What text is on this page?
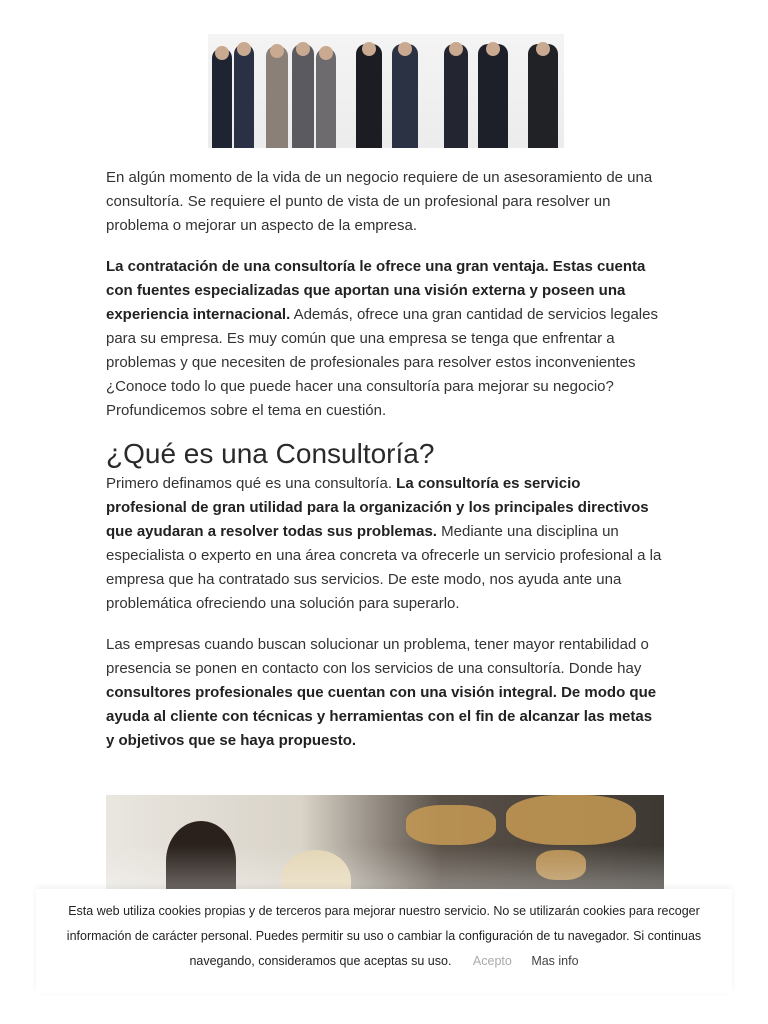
En algún momento de la vida de un negocio requiere de un asesoramiento de una consultoría. Se requiere el punto de vista de un profesional para resolver un problema o mejorar un aspecto de la empresa.

La contratación de una consultoría le ofrece una gran ventaja. Estas cuenta con fuentes especializadas que aportan una visión externa y poseen una experiencia internacional. Además, ofrece una gran cantidad de servicios legales para su empresa. Es muy común que una empresa se tenga que enfrentar a problemas y que necesiten de profesionales para resolver estos inconvenientes ¿Conoce todo lo que puede hacer una consultoría para mejorar su negocio? Profundicemos sobre el tema en cuestión.

¿Qué es una Consultoría?

Primero definamos qué es una consultoría. La consultoría es servicio profesional de gran utilidad para la organización y los principales directivos que ayudaran a resolver todas sus problemas. Mediante una disciplina un especialista o experto en una área concreta va ofrecerle un servicio profesional a la empresa que ha contratado sus servicios. De este modo, nos ayuda ante una problemática ofreciendo una solución para superarlo.

Las empresas cuando buscan solucionar un problema, tener mayor rentabilidad o presencia se ponen en contacto con los servicios de una consultoría. Donde hay consultores profesionales que cuentan con una visión integral. De modo que ayuda al cliente con técnicas y herramientas con el fin de alcanzar las metas y objetivos que se haya propuesto.

Esta web utiliza cookies propias y de terceros para mejorar nuestro servicio. No se utilizarán cookies para recoger información de carácter personal. Puedes permitir su uso o cambiar la configuración de tu navegador. Si continuas navegando, consideramos que aceptas su uso. Acepto Mas info
